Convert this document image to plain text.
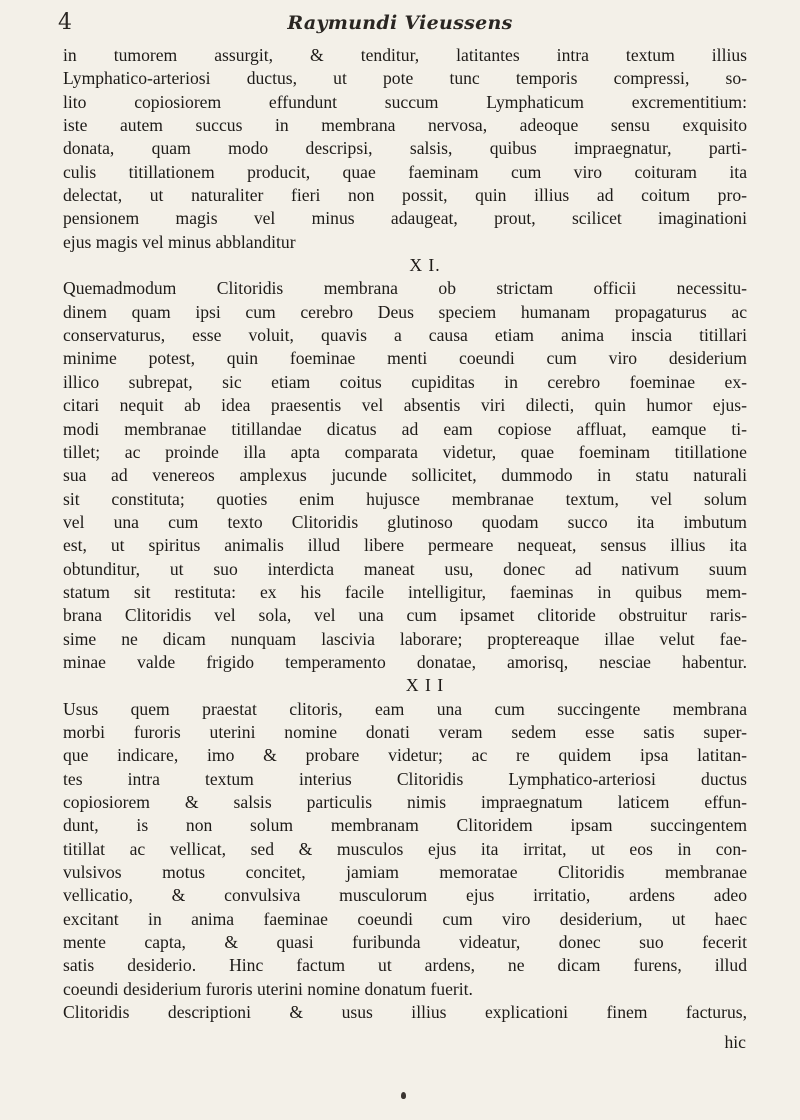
4	Raymundi Vieussens
in tumorem assurgit, & tenditur, latitantes intra textum illius
Lymphatico-arteriosi ductus, ut pote tunc temporis compressi, so-
lito copiosiorem effundunt succum Lymphaticum excrementitium:
iste autem succus in membrana nervosa, adeoque sensu exquisito
donata, quam modo descripsi, salsis, quibus impraegnatur, parti-
culis titillationem producit, quae faeminam cum viro coituram ita
delectat, ut naturaliter fieri non possit, quin illius ad coitum pro-
pensionem magis vel minus adaugeat, prout, scilicet imaginationi
ejus magis vel minus abblanditur
X I.
Quemadmodum Clitoridis membrana ob strictam officii necessitu-
dinem quam ipsi cum cerebro Deus speciem humanam propagaturus ac
conservaturus, esse voluit, quavis a causa etiam anima inscia titillari
minime potest, quin foeminae menti coeundi cum viro desiderium
illico subrepat, sic etiam coitus cupiditas in cerebro foeminae ex-
citari nequit ab idea praesentis vel absentis viri dilecti, quin humor ejus-
modi membranae titillandae dicatus ad eam copiose affluat, eamque ti-
tillet; ac proinde illa apta comparata videtur, quae foeminam titillatione
sua ad venereos amplexus jucunde sollicitet, dummodo in statu naturali
sit constituta; quoties enim hujusce membranae textum, vel solum
vel una cum texto Clitoridis glutinoso quodam succo ita imbutum
est, ut spiritus animalis illud libere permeare nequeat, sensus illius ita
obtunditur, ut suo interdicta maneat usu, donec ad nativum suum
statum sit restituta: ex his facile intelligitur, faeminas in quibus mem-
brana Clitoridis vel sola, vel una cum ipsamet clitoride obstruitur raris-
sime ne dicam nunquam lascivia laborare; proptereaque illae velut fae-
minae valde frigido temperamento donatae, amorisq, nesciae habentur.
X I I
Usus quem praestat clitoris, eam una cum succingente membrana
morbi furoris uterini nomine donati veram sedem esse satis super-
que indicare, imo & probare videtur; ac re quidem ipsa latitan-
tes intra textum interius Clitoridis Lymphatico-arteriosi ductus
copiosiorem & salsis particulis nimis impraegnatum laticem effun-
dunt, is non solum membranam Clitoridem ipsam succingentem
titillat ac vellicat, sed & musculos ejus ita irritat, ut eos in con-
vulsivos motus concitet, jamiam memoratae Clitoridis membranae
vellicatio, & convulsiva musculorum ejus irritatio, ardens adeo
excitant in anima faeminae coeundi cum viro desiderium, ut haec
mente capta, & quasi furibunda videatur, donec suo fecerit
satis desiderio. Hinc factum ut ardens, ne dicam furens, illud
coeundi desiderium furoris uterini nomine donatum fuerit.
Clitoridis descriptioni & usus illius explicationi finem facturus,
hic
